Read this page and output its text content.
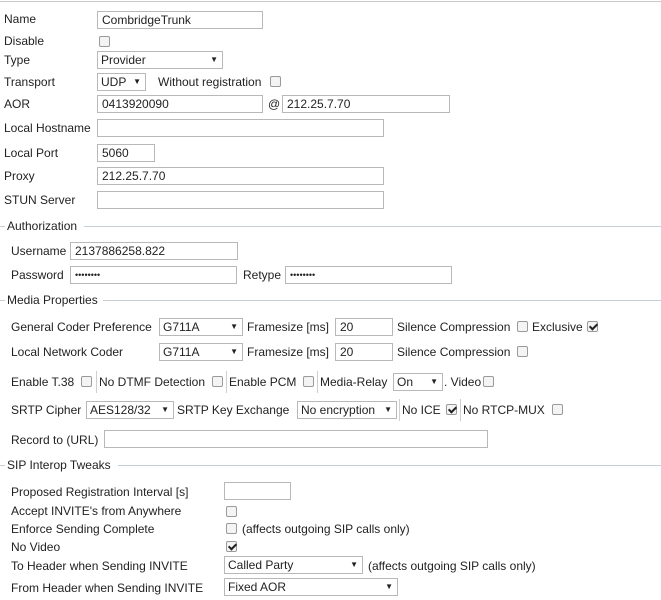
Name	CombridgeTrunk
Disable
Type	Provider	▼
Transport	UDP ▼ Without registration
AOR	0413920090	@ 212.25.7.70
Local Hostname
Local Port	5060
Proxy	212.25.7.70
STUN Server
Authorization
Username 2137886258.822
Password	••••••••	Retype ••••••••
Media Properties
General Coder Preference G711A	▼ Framesize [ms] 20	Silence Compression Exclusive
Local Network Coder	G711A	▼ Framesize [ms] 20	Silence Compression
Enable T.38 No DTMF Detection Enable PCM Media-Relay On ▼ . Video
SRTP Cipher AES128/32 ▼ SRTP Key Exchange No encryption ▼ No ICE No RTCP-MUX
Record to (URL)
SIP Interop Tweaks
Proposed Registration Interval [s]
Accept INVITE's from Anywhere
Enforce Sending Complete	(affects outgoing SIP calls only)
No Video
To Header when Sending INVITE	Called Party	▼ (affects outgoing SIP calls only)
From Header when Sending INVITE	Fixed AOR	▼
